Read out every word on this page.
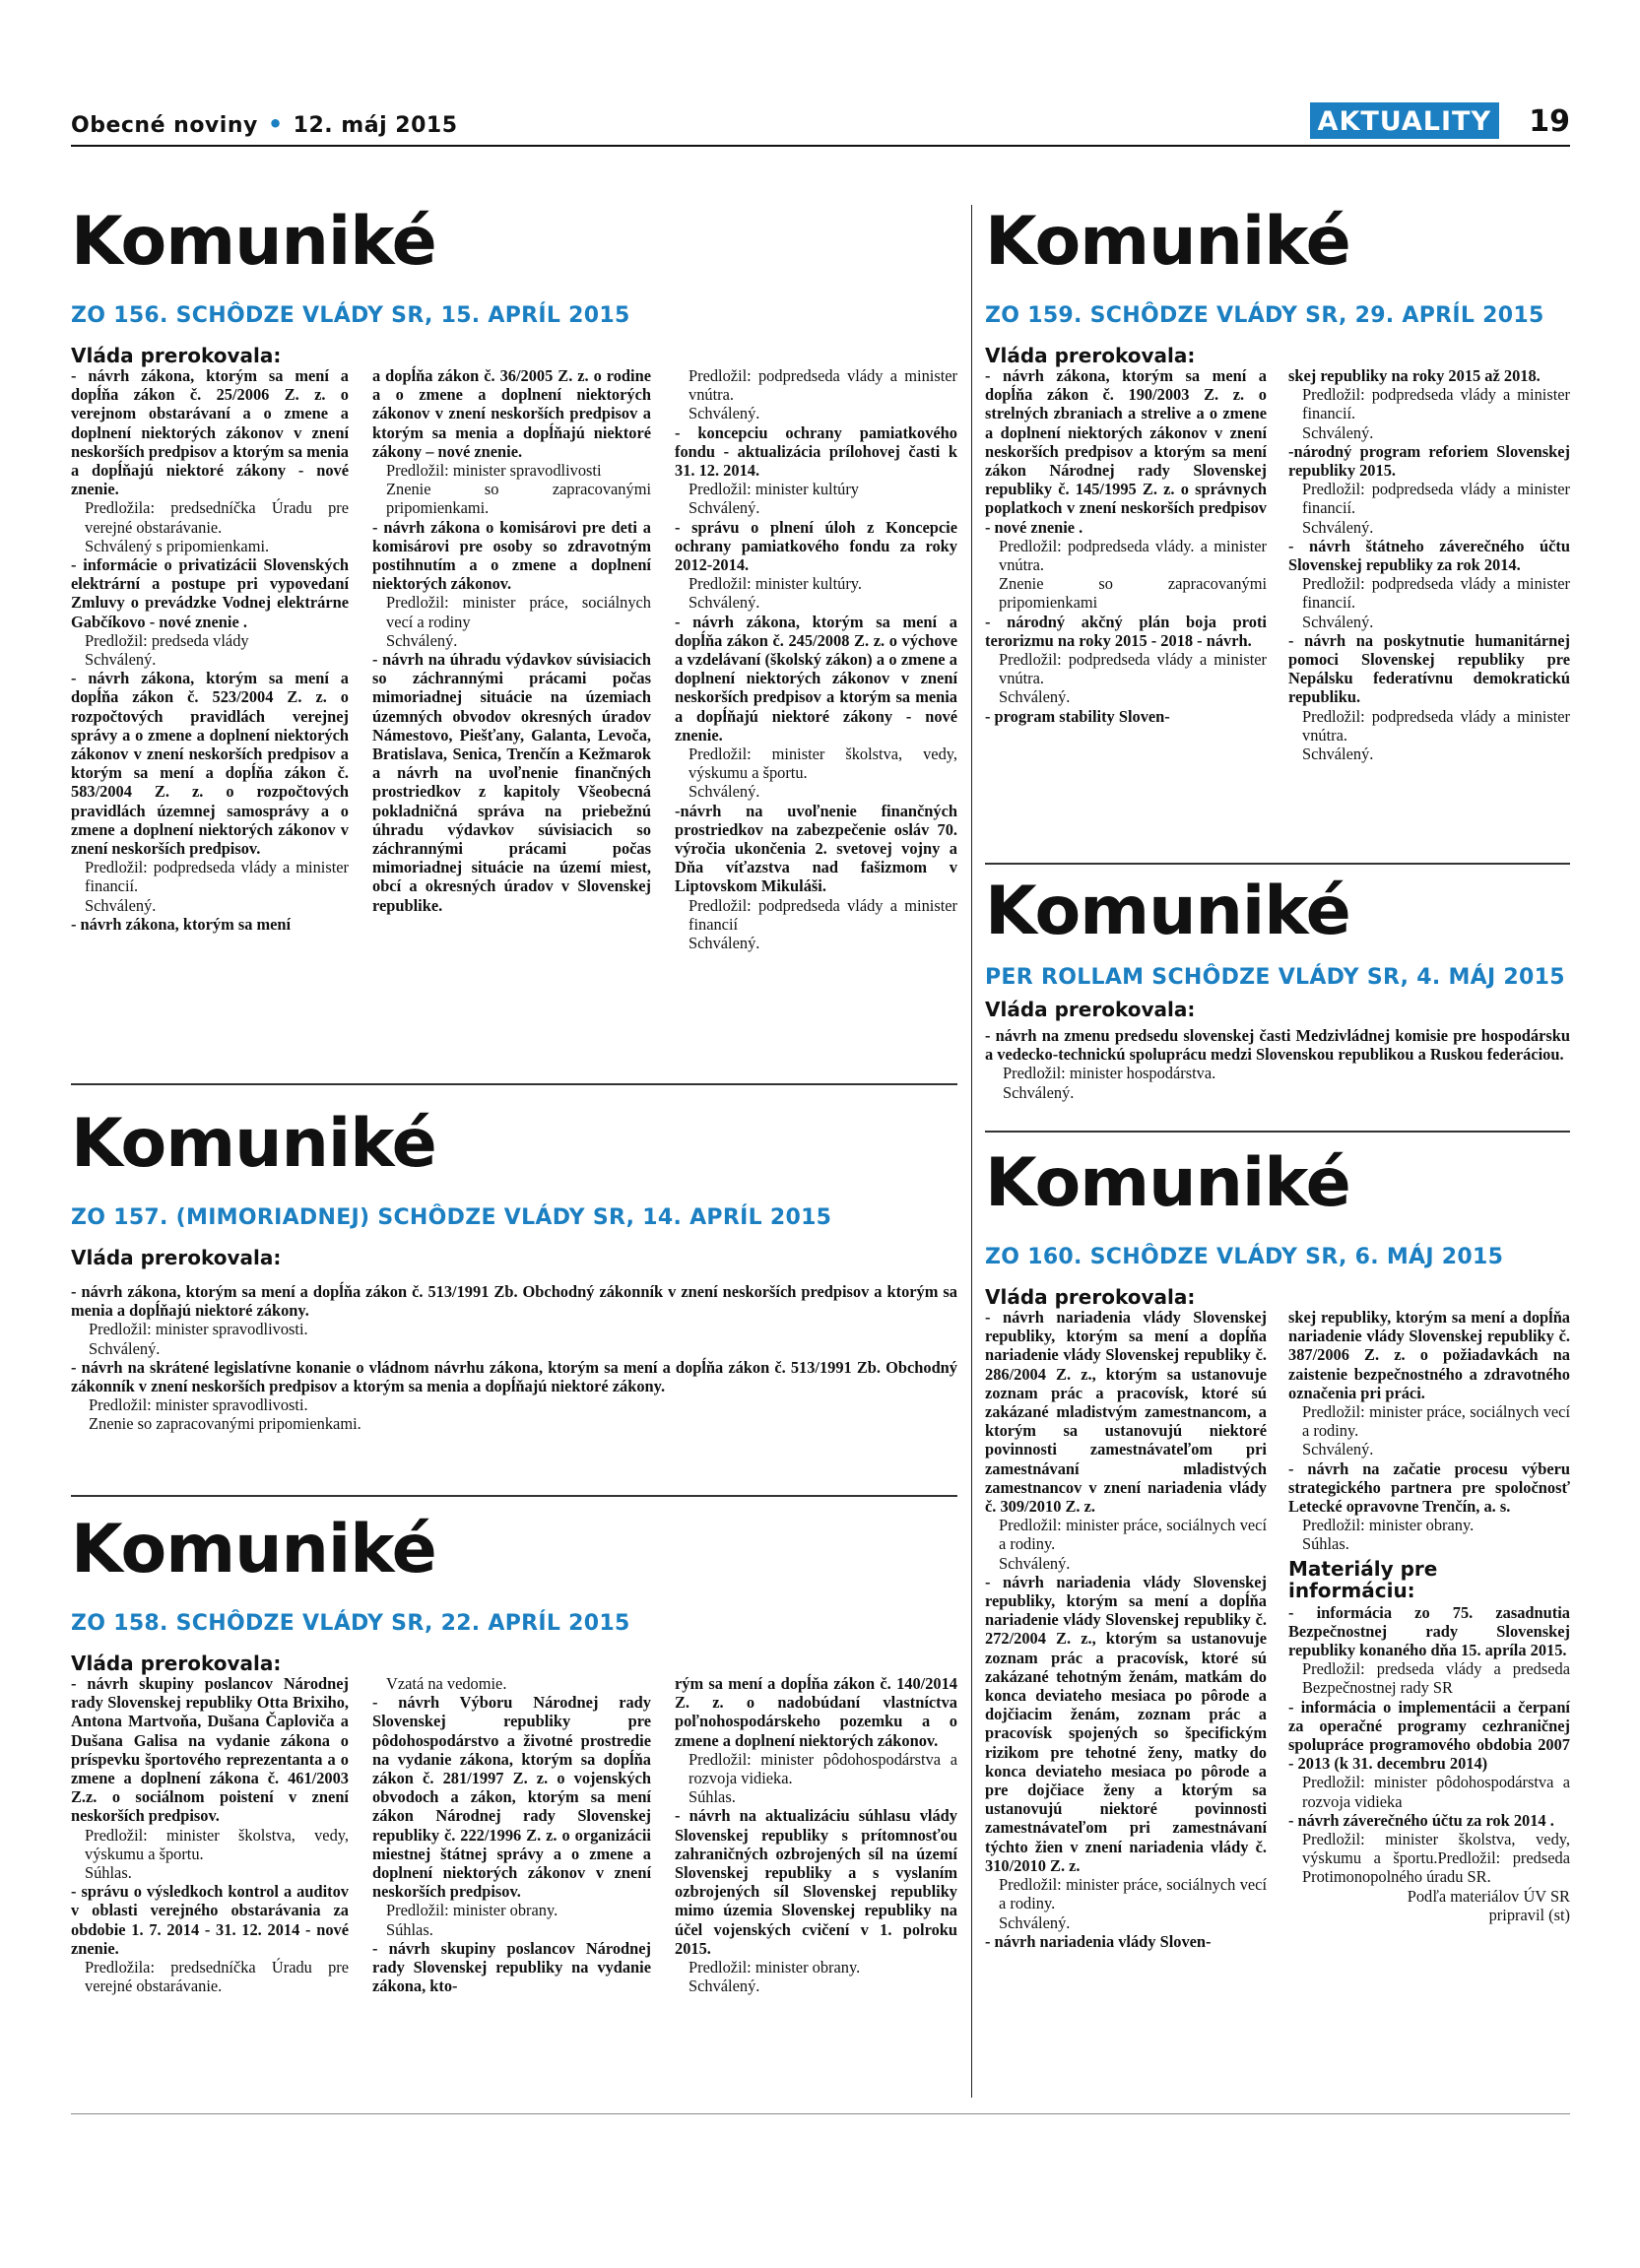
Obecné noviny • 12. máj 2015	AKTUALITY 19
Komuniké
ZO 156. SCHÔDZE VLÁDY SR, 15. APRÍL 2015
Vláda prerokovala:

- návrh zákona, ktorým sa mení a dopĺňa zákon č. 25/2006 Z. z. o verejnom obstarávaní a o zmene a doplnení niektorých zákonov v znení neskorších predpisov a ktorým sa menia a dopĺňajú niektoré zákony - nové znenie.

Predložila: predsedníčka Úradu pre verejné obstarávanie.

Schválený s pripomienkami.

- informácie o privatizácii Slovenských elektrární a postupe pri vypovedaní Zmluvy o prevádzke Vodnej elektrárne Gabčíkovo - nové znenie .

Predložil: predseda vlády

Schválený.

- návrh zákona, ktorým sa mení a dopĺňa zákon č. 523/2004 Z. z. o rozpočtových pravidlách verejnej správy a o zmene a doplnení niektorých zákonov v znení neskorších predpisov a ktorým sa mení a dopĺňa zákon č. 583/2004 Z. z. o rozpočtových pravidlách územnej samosprávy a o zmene a doplnení niektorých zákonov v znení neskorších predpisov.

Predložil: podpredseda vlády a minister financií.

Schválený.

- návrh zákona, ktorým sa mení

a dopĺňa zákon č. 36/2005 Z. z. o rodine a o zmene a doplnení niektorých zákonov v znení neskorších predpisov a ktorým sa menia a dopĺňajú niektoré zákony – nové znenie.

Predložil: minister spravodlivosti

Znenie so zapracovanými pripomienkami.

- návrh zákona o komisárovi pre deti a komisárovi pre osoby so zdravotným postihnutím a o zmene a doplnení niektorých zákonov.

Predložil: minister práce, sociálnych vecí a rodiny

Schválený.

- návrh na úhradu výdavkov súvisiacich so záchrannými prácami počas mimoriadnej situácie na územiach územných obvodov okresných úradov Námestovo, Piešťany, Galanta, Levoča, Bratislava, Senica, Trenčín a Kežmarok a návrh na uvoľnenie finančných prostriedkov z kapitoly Všeobecná pokladničná správa na priebežnú úhradu výdavkov súvisiacich so záchrannými prácami počas mimoriadnej situácie na území miest, obcí a okresných úradov v Slovenskej republike.

Predložil: podpredseda vlády a minister vnútra.

Schválený.

- koncepciu ochrany pamiatkového fondu - aktualizácia prílohovej časti k 31. 12. 2014.

Predložil: minister kultúry

Schválený.

- správu o plnení úloh z Koncepcie ochrany pamiatkového fondu za roky 2012-2014.

Predložil: minister kultúry.

Schválený.

- návrh zákona, ktorým sa mení a dopĺňa zákon č. 245/2008 Z. z. o výchove a vzdelávaní (školský zákon) a o zmene a doplnení niektorých zákonov v znení neskorších predpisov a ktorým sa menia a dopĺňajú niektoré zákony - nové znenie.

Predložil: minister školstva, vedy, výskumu a športu.

Schválený.

-návrh na uvoľnenie finančných prostriedkov na zabezpečenie osláv 70. výročia ukončenia 2. svetovej vojny a Dňa víťazstva nad fašizmom v Liptovskom Mikuláši.

Predložil: podpredseda vlády a minister financií

Schválený.

Komuniké
ZO 157. (MIMORIADNEJ) SCHÔDZE VLÁDY SR, 14. APRÍL 2015
Vláda prerokovala:

- návrh zákona, ktorým sa mení a dopĺňa zákon č. 513/1991 Zb. Obchodný zákonník v znení neskorších predpisov a ktorým sa menia a dopĺňajú niektoré zákony.

Predložil: minister spravodlivosti.

Schválený.

- návrh na skrátené legislatívne konanie o vládnom návrhu zákona, ktorým sa mení a dopĺňa zákon č. 513/1991 Zb. Obchodný zákonník v znení neskorších predpisov a ktorým sa menia a dopĺňajú niektoré zákony.

Predložil: minister spravodlivosti.

Znenie so zapracovanými pripomienkami.

Komuniké
ZO 158. SCHÔDZE VLÁDY SR, 22. APRÍL 2015
Vláda prerokovala:

- návrh skupiny poslancov Národnej rady Slovenskej republiky Otta Brixiho, Antona Martvoňa, Dušana Čaploviča a Dušana Galisa na vydanie zákona o príspevku športového reprezentanta a o zmene a doplnení zákona č. 461/2003 Z.z. o sociálnom poistení v znení neskorších predpisov.

Predložil: minister školstva, vedy, výskumu a športu.

Súhlas.

- správu o výsledkoch kontrol a auditov v oblasti verejného obstarávania za obdobie 1. 7. 2014 - 31. 12. 2014 - nové znenie.

Predložila: predsedníčka Úradu pre verejné obstarávanie.

Vzatá na vedomie.

- návrh Výboru Národnej rady Slovenskej republiky pre pôdohospodárstvo a životné prostredie na vydanie zákona, ktorým sa dopĺňa zákon č. 281/1997 Z. z. o vojenských obvodoch a zákon, ktorým sa mení zákon Národnej rady Slovenskej republiky č. 222/1996 Z. z. o organizácii miestnej štátnej správy a o zmene a doplnení niektorých zákonov v znení neskorších predpisov.

Predložil: minister obrany.

Súhlas.

- návrh skupiny poslancov Národnej rady Slovenskej republiky na vydanie zákona, kto-

rým sa mení a dopĺňa zákon č. 140/2014 Z. z. o nadobúdaní vlastníctva poľnohospodárskeho pozemku a o zmene a doplnení niektorých zákonov.

Predložil: minister pôdohospodárstva a rozvoja vidieka.

Súhlas.

- návrh na aktualizáciu súhlasu vlády Slovenskej republiky s prítomnosťou zahraničných ozbrojených síl na území Slovenskej republiky a s vyslaním ozbrojených síl Slovenskej republiky mimo územia Slovenskej republiky na účel vojenských cvičení v 1. polroku 2015.

Predložil: minister obrany.

Schválený.

Komuniké
ZO 159. SCHÔDZE VLÁDY SR, 29. APRÍL 2015
Vláda prerokovala:

- návrh zákona, ktorým sa mení a dopĺňa zákon č. 190/2003 Z. z. o strelných zbraniach a strelive a o zmene a doplnení niektorých zákonov v znení neskorších predpisov a ktorým sa mení zákon Národnej rady Slovenskej republiky č. 145/1995 Z. z. o správnych poplatkoch v znení neskorších predpisov - nové znenie .

Predložil: podpredseda vlády. a minister vnútra.

Znenie so zapracovanými pripomienkami

- národný akčný plán boja proti terorizmu na roky 2015 - 2018 - návrh.

Predložil: podpredseda vlády a minister vnútra.

Schválený.

- program stability Sloven-

skej republiky na roky 2015 až 2018.

Predložil: podpredseda vlády a minister financií.

Schválený.

-národný program reforiem Slovenskej republiky 2015.

Predložil: podpredseda vlády a minister financií.

Schválený.

- návrh štátneho záverečného účtu Slovenskej republiky za rok 2014.

Predložil: podpredseda vlády a minister financií.

Schválený.

- návrh na poskytnutie humanitárnej pomoci Slovenskej republiky pre Nepálsku federatívnu demokratickú republiku.

Predložil: podpredseda vlády a minister vnútra.

Schválený.

Komuniké
PER ROLLAM SCHÔDZE VLÁDY SR, 4. MÁJ 2015
Vláda prerokovala:

- návrh na zmenu predsedu slovenskej časti Medzivládnej komisie pre hospodársku a vedecko-technickú spoluprácu medzi Slovenskou republikou a Ruskou federáciou.

Predložil: minister hospodárstva.

Schválený.

Komuniké
ZO 160. SCHÔDZE VLÁDY SR, 6. MÁJ 2015
Vláda prerokovala:

- návrh nariadenia vlády Slovenskej republiky, ktorým sa mení a dopĺňa nariadenie vlády Slovenskej republiky č. 286/2004 Z. z., ktorým sa ustanovuje zoznam prác a pracovísk, ktoré sú zakázané mladistvým zamestnancom, a ktorým sa ustanovujú niektoré povinnosti zamestnávateľom pri zamestnávaní mladistvých zamestnancov v znení nariadenia vlády č. 309/2010 Z. z.

Predložil: minister práce, sociálnych vecí a rodiny.

Schválený.

- návrh nariadenia vlády Slovenskej republiky, ktorým sa mení a dopĺňa nariadenie vlády Slovenskej republiky č. 272/2004 Z. z., ktorým sa ustanovuje zoznam prác a pracovísk, ktoré sú zakázané tehotným ženám, matkám do konca deviateho mesiaca po pôrode a dojčiacim ženám, zoznam prác a pracovísk spojených so špecifickým rizikom pre tehotné ženy, matky do konca deviateho mesiaca po pôrode a pre dojčiace ženy a ktorým sa ustanovujú niektoré povinnosti zamestnávateľom pri zamestnávaní týchto žien v znení nariadenia vlády č. 310/2010 Z. z.

Predložil: minister práce, sociálnych vecí a rodiny.

Schválený.

- návrh nariadenia vlády Sloven-

skej republiky, ktorým sa mení a dopĺňa nariadenie vlády Slovenskej republiky č. 387/2006 Z. z. o požiadavkách na zaistenie bezpečnostného a zdravotného označenia pri práci.

Predložil: minister práce, sociálnych vecí a rodiny.

Schválený.

- návrh na začatie procesu výberu strategického partnera pre spoločnosť Letecké opravovne Trenčín, a. s.

Predložil: minister obrany.

Súhlas.

Materiály pre informáciu:

- informácia zo 75. zasadnutia Bezpečnostnej rady Slovenskej republiky konaného dňa 15. apríla 2015.

Predložil: predseda vlády a predseda Bezpečnostnej rady SR

- informácia o implementácii a čerpaní za operačné programy cezhraničnej spolupráce programového obdobia 2007 - 2013 (k 31. decembru 2014)

Predložil: minister pôdohospodárstva a rozvoja vidieka

- návrh záverečného účtu za rok 2014 .

Predložil: minister školstva, vedy, výskumu a športu.Predložil: predseda Protimonopolného úradu SR.

Podľa materiálov ÚV SR

pripravil (st)
